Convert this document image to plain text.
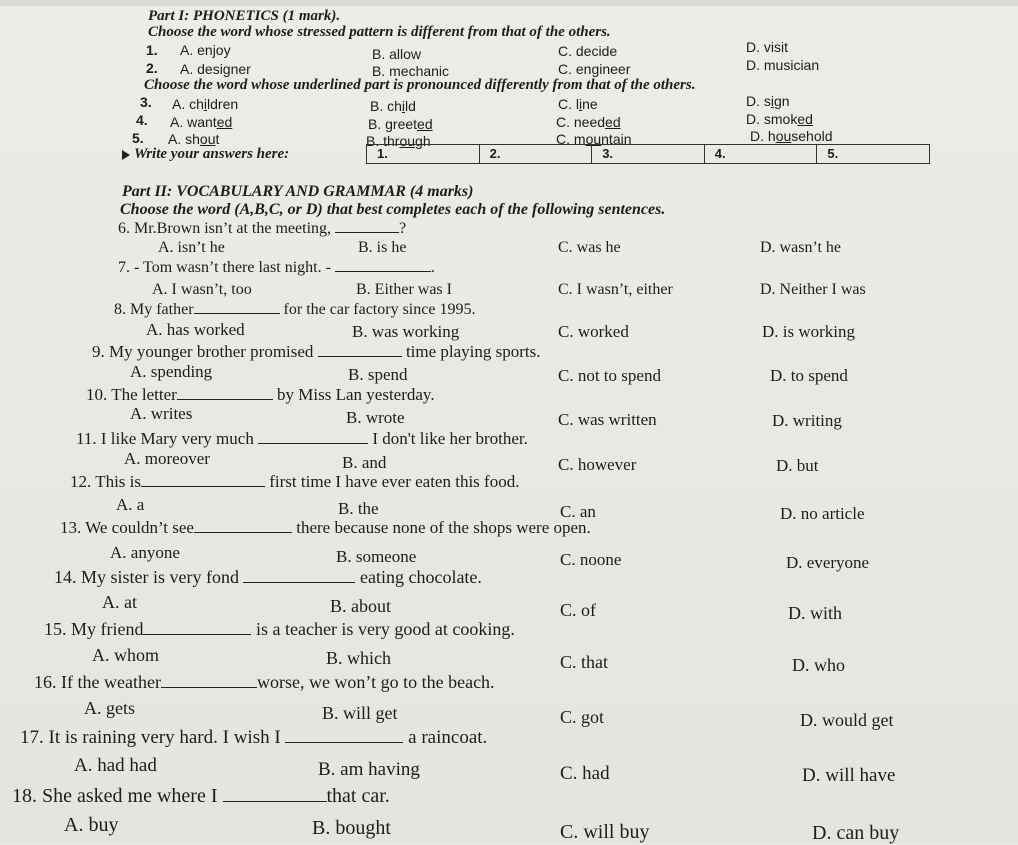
Part I: PHONETICS (1 mark).
Choose the word whose stressed pattern is different from that of the others.
1. A. enjoy	B. allow	C. decide	D. visit
2. A. designer	B. mechanic	C. engineer	D. musician
Choose the word whose underlined part is pronounced differently from that of the others.
3. A. children	B. child	C. line	D. sign
4. A. wanted	B. greeted	C. needed	D. smoked
5. A. shout	B. through	C. mountain	D. household
Write your answers here:	1.	2.	3.	4.	5.
Part II: VOCABULARY AND GRAMMAR (4 marks)
Choose the word (A,B,C, or D) that best completes each of the following sentences.
6. Mr.Brown isn’t at the meeting,	?
A. isn’t he	B. is he	C. was he	D. wasn’t he
7. - Tom wasn’t there last night. -	.
A. I wasn’t, too	B. Either was I	C. I wasn’t, either	D. Neither I was
8. My father	for the car factory since 1995.
A. has worked	B. was working	C. worked	D. is working
9. My younger brother promised	time playing sports.
A. spending	B. spend	C. not to spend	D. to spend
10. The letter	by Miss Lan yesterday.
A. writes	B. wrote	C. was written	D. writing
11. I like Mary very much	I don't like her brother.
A. moreover	B. and	C. however	D. but
12. This is	first time I have ever eaten this food.
A. a	B. the	C. an	D. no article
13. We couldn’t see	there because none of the shops were open.
A. anyone	B. someone	C. noone	D. everyone
14. My sister is very fond	eating chocolate.
A. at	B. about	C. of	D. with
15. My friend	is a teacher is very good at cooking.
A. whom	B. which	C. that	D. who
16. If the weather	worse, we won’t go to the beach.
A. gets	B. will get	C. got	D. would get
17. It is raining very hard. I wish I	a raincoat.
A. had had	B. am having	C. had	D. will have
18. She asked me where I	that car.
A. buy	B. bought	C. will buy	D. can buy
